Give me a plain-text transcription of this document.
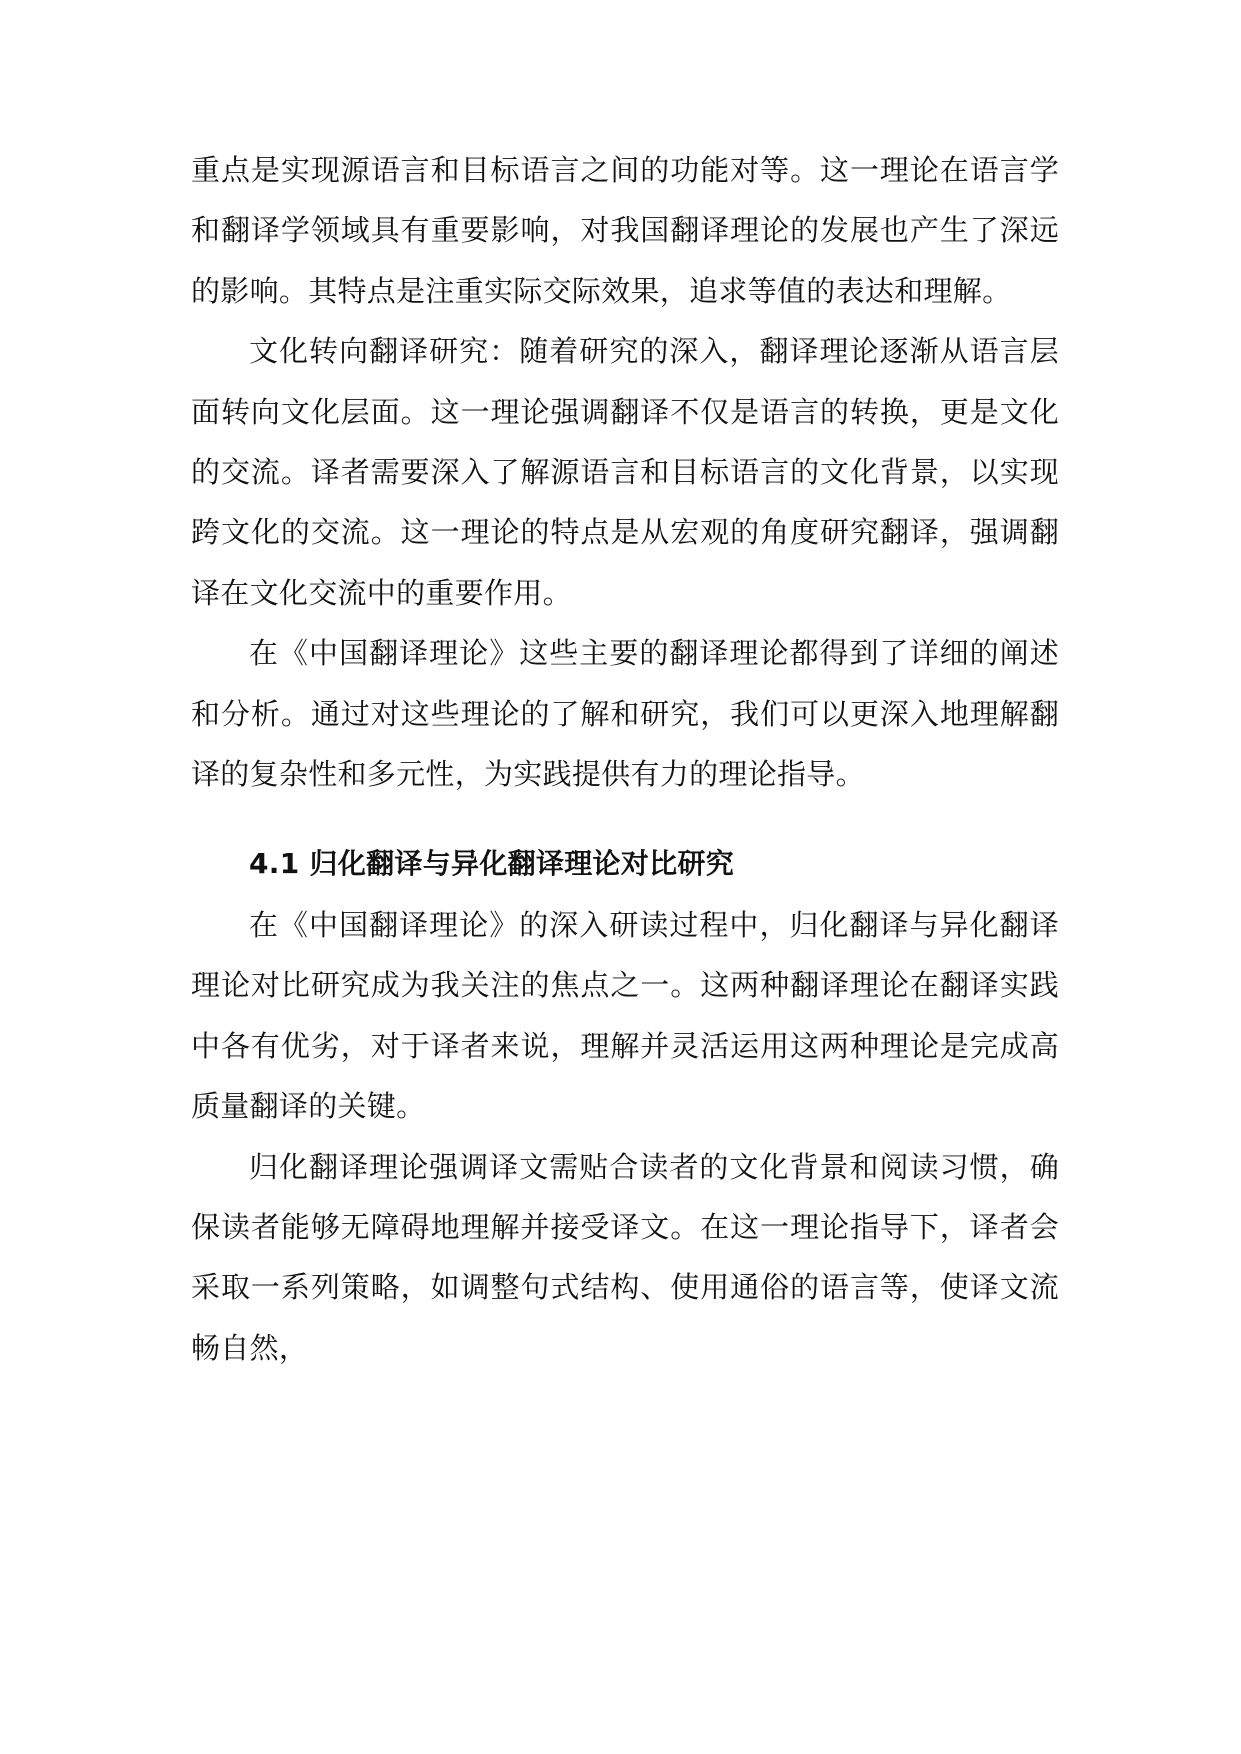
重点是实现源语言和目标语言之间的功能对等。这一理论在语言学和翻译学领域具有重要影响，对我国翻译理论的发展也产生了深远的影响。其特点是注重实际交际效果，追求等值的表达和理解。

文化转向翻译研究：随着研究的深入，翻译理论逐渐从语言层面转向文化层面。这一理论强调翻译不仅是语言的转换，更是文化的交流。译者需要深入了解源语言和目标语言的文化背景，以实现跨文化的交流。这一理论的特点是从宏观的角度研究翻译，强调翻译在文化交流中的重要作用。

在《中国翻译理论》这些主要的翻译理论都得到了详细的阐述和分析。通过对这些理论的了解和研究，我们可以更深入地理解翻译的复杂性和多元性，为实践提供有力的理论指导。

4.1 归化翻译与异化翻译理论对比研究

在《中国翻译理论》的深入研读过程中，归化翻译与异化翻译理论对比研究成为我关注的焦点之一。这两种翻译理论在翻译实践中各有优劣，对于译者来说，理解并灵活运用这两种理论是完成高质量翻译的关键。

归化翻译理论强调译文需贴合读者的文化背景和阅读习惯，确保读者能够无障碍地理解并接受译文。在这一理论指导下，译者会采取一系列策略，如调整句式结构、使用通俗的语言等，使译文流畅自然，
